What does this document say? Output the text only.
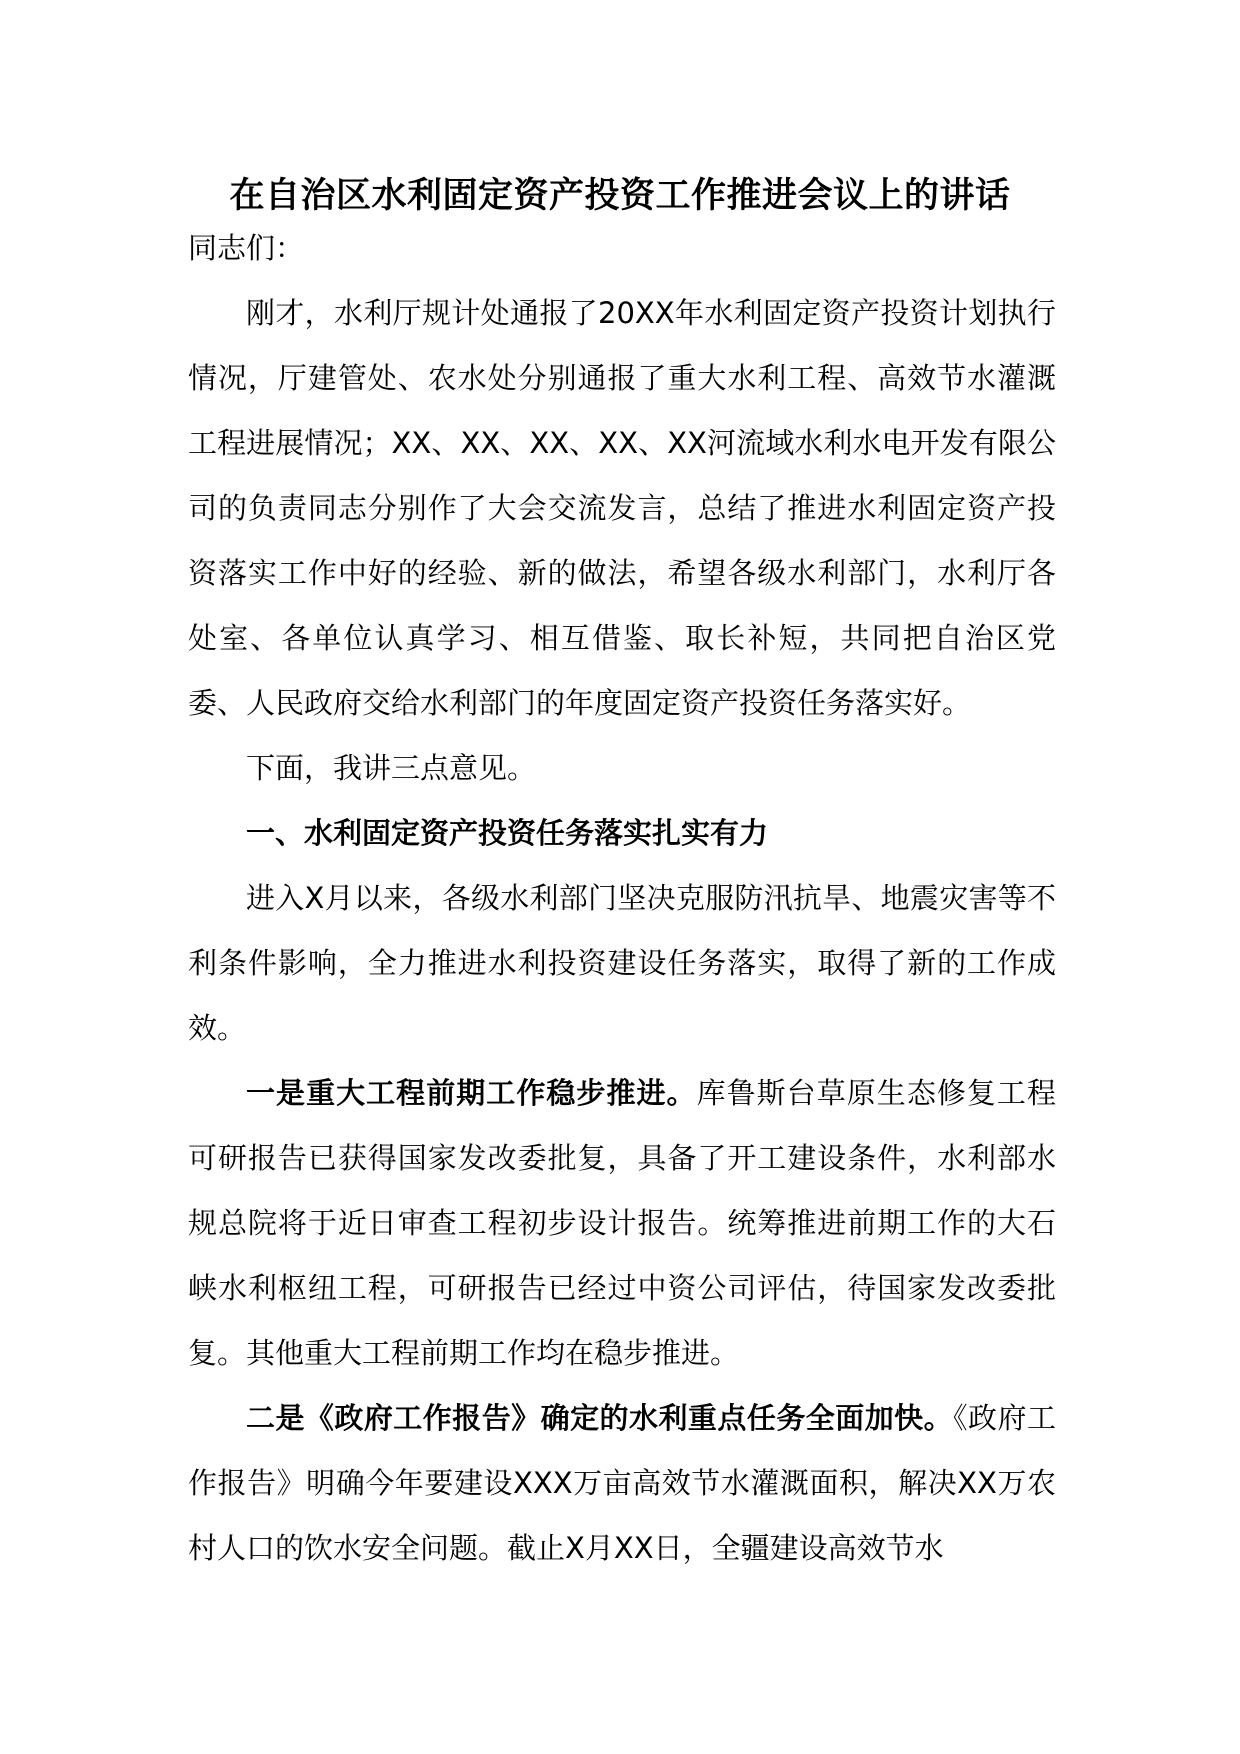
在自治区水利固定资产投资工作推进会议上的讲话

同志们：

刚才，水利厅规计处通报了20XX年水利固定资产投资计划执行情况，厅建管处、农水处分别通报了重大水利工程、高效节水灌溉工程进展情况；XX、XX、XX、XX、XX河流域水利水电开发有限公司的负责同志分别作了大会交流发言，总结了推进水利固定资产投资落实工作中好的经验、新的做法，希望各级水利部门，水利厅各处室、各单位认真学习、相互借鉴、取长补短，共同把自治区党委、人民政府交给水利部门的年度固定资产投资任务落实好。

下面，我讲三点意见。

一、水利固定资产投资任务落实扎实有力

进入X月以来，各级水利部门坚决克服防汛抗旱、地震灾害等不利条件影响，全力推进水利投资建设任务落实，取得了新的工作成效。

一是重大工程前期工作稳步推进。库鲁斯台草原生态修复工程可研报告已获得国家发改委批复，具备了开工建设条件，水利部水规总院将于近日审查工程初步设计报告。统筹推进前期工作的大石峡水利枢纽工程，可研报告已经过中资公司评估，待国家发改委批复。其他重大工程前期工作均在稳步推进。

二是《政府工作报告》确定的水利重点任务全面加快。《政府工作报告》明确今年要建设XXX万亩高效节水灌溉面积，解决XX万农村人口的饮水安全问题。截止X月XX日，全疆建设高效节水
